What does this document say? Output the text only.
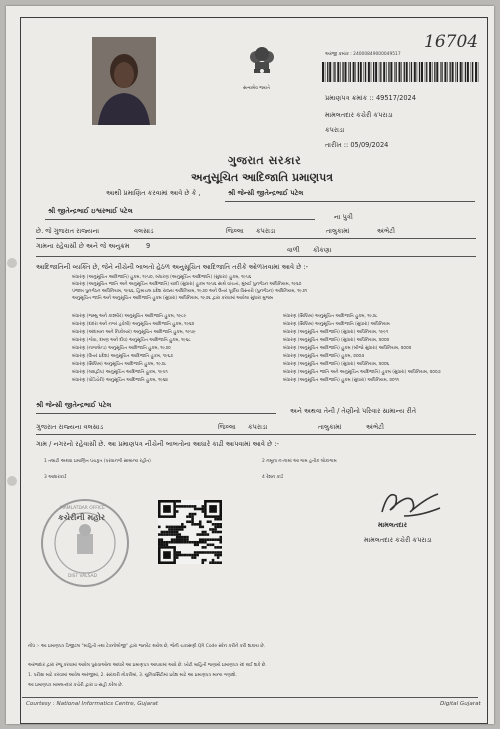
16704
સત્યમેવ જયતે
અરજી ક્રમાંક : 24000849000049517
પ્રમાણપત્ર ક્રમાંક :: 49517/2024
મામલતદાર કચેરી કપરાડા
કપરાડા
તારીખ :: 05/09/2024
ગુજરાત સરકાર
અનુસૂચિત આદિજાતિ પ્રમાણપત્ર
આથી પ્રમાણિત કરવામાં આવે છે કે ,	શ્રી જેન્સી જીતેન્દ્રભાઈ પટેલ
શ્રી જીતેન્દ્રભાઈ ઇશ્વરભાઈ પટેલ
ના પુત્રી
છે. જે ગુજરાત રાજ્યના	વલસાડ	જિલ્લા કપરાડા	તાલુકામાં	અંભેટી
ગામના રહેવાસી છે અને જે અનુક્રમ 9	વાળી કોંકણા
આદિજાતિની વ્યક્તિ છે, જેને નીચેની બાબતો હેઠળ અનુસૂચિત આદિજાતિ તરીકે ઓળખવામાં આવે છે :-
બંધારણ (અનુસૂચિત આદિજાતિ) હુકમ, ૧૯૫૦, બંધારણ (અનુસૂચિત આદિજાતિ) (સુધારા) હુકમ, ૧૯૫૬
બંધારણ (અનુસૂચિત જાતિ અને અનુસૂચિત આદિજાતિ) યાદી (સુધારા) હુકમ ૧૯૫૬ સાથે વાંચતાં, મુંબઈ પુનર્ગઠન અધિનિયમ, ૧૯૬૦
પંજાબ પુનર્ગઠન અધિનિયમ, ૧૯૬૬, હિમાચલ પ્રદેશ રાજ્ય અધિનિયમ, ૧૯૭૦ અને ઉત્તર પૂર્વીય વિસ્તારો (પુનર્ગઠન) અધિનિયમ, ૧૯૭૧
અનુસૂચિત જાતિ અને અનુસૂચિત આદિજાતિ હુકમ (સુધારા) અધિનિયમ, ૧૯૭૬ દ્વારા કરવામાં આવેલા સુધારા મુજબ
બંધારણ (જમ્મુ અને કાશ્મીર) અનુસૂચિત આદિજાતિ હુકમ, ૧૯૮૯
બંધારણ (દાદરા અને નગર હવેલી) અનુસૂચિત આદિજાતિ હુકમ, ૧૯૬૨
બંધારણ (અંદામાન અને નિકોબાર) અનુસૂચિત આદિજાતિ હુકમ, ૧૯૫૯
બંધારણ (ગોવા, દમણ અને દીવ) અનુસૂચિત આદિજાતિ હુકમ, ૧૯૬૮
બંધારણ (નાગાલેન્ડ) અનુસૂચિત આદિજાતિ હુકમ, ૧૯૭૦
બંધારણ (ઉત્તર પ્રદેશ) અનુસૂચિત આદિજાતિ હુકમ, ૧૯૬૭
બંધારણ (સિક્કિમ) અનુસૂચિત આદિજાતિ હુકમ, ૧૯૭૮
બંધારણ (લક્ષદ્વીપ) અનુસૂચિત આદિજાતિ હુકમ, ૧૯૫૧
બંધારણ (પોંડિચેરી) અનુસૂચિત આદિજાતિ હુકમ, ૧૯૬૪
બંધારણ (સિક્કિમ) અનુસૂચિત આદિજાતિ હુકમ, ૧૯૭૮
બંધારણ (સિક્કિમ) અનુસૂચિત આદિજાતિ (સુધારા) અધિનિયમ
બંધારણ (અનુસૂચિત આદિજાતિ) (સુધારા) અધિનિયમ, ૧૯૯૧
બંધારણ (અનુસૂચિત આદિજાતિ) (સુધારા) અધિનિયમ, ૨૦૦૨
બંધારણ (અનુસૂચિત આદિજાતિ) હુકમ (બીજો સુધારા) અધિનિયમ, ૨૦૦૨
બંધારણ (અનુસૂચિત આદિજાતિ) હુકમ, ૨૦૦૩
બંધારણ (અનુસૂચિત આદિજાતિ) (સુધારા) અધિનિયમ, ૨૦૦૬
બંધારણ (અનુસૂચિત જાતિ અને અનુસૂચિત આદિજાતિ) હુકમ (સુધારા) અધિનિયમ, ૨૦૦૭
બંધારણ (અનુસૂચિત આદિજાતિ) હુકમ (સુધારા) અધિનિયમ, ૨૦૧૧
શ્રી જેન્સી જીતેન્દ્રભાઈ પટેલ
અને અથવા તેની / તેણીનો પરિવાર સામાન્ય રીતે
ગુજરાત રાજ્યના વલસાડ	જિલ્લા કપરાડા	તાલુકામાં	અંભેટી
ગામ / નગરનો રહેવાસી છે. આ પ્રમાણપત્ર નીચેની બાબતોના આધારે કાઢી આપવામાં આવે છે :-
1 તલાટી અથવા પ્રમાણિત પંચકૃત (પરવાનગી સામાન્ય રહીત)	2 નમૂના ન-નામાં આ ગામ હતીક લોકાગામ
3 આધારકાર્ડ	4 રેશન કાર્ડ
કચેરીની મહોર
MAMLATDAR OFFICE
DIST VALSAD
મામલતદાર
મામલતદાર કચેરી કપરાડા
નોંધ :- આ પ્રમાણપત્ર ડિજીટલ "માહિતી તથા ટેકનોલોજી" દ્વારા જનરેટ થયેલ છે, જેની ચકાસણી QR Code સ્કેન કરીને કરી શકાય છે.
અરજદાર દ્વારા રજૂ કરવામાં આવેલ પુરાવાઓના આધારે આ પ્રમાણપત્ર આપવામાં આવે છે. ખોટી માહિતી જણાયે પ્રમાણપત્ર રદ થઈ શકે છે.
1. પરીક્ષા માટે કરવામાં આવેલ અરજીમાં, 2. સરકારી નોકરીમાં, 3. યુનિવર્સિટીમાં પ્રવેશ માટે આ પ્રમાણપત્ર માન્ય ગણાશે.
આ પ્રમાણપત્ર મામલતદાર કચેરી દ્વારા ઇ-સહી કરેલ છે.
Courtesy : National Informatics Centre, Gujarat	Digital Gujarat
